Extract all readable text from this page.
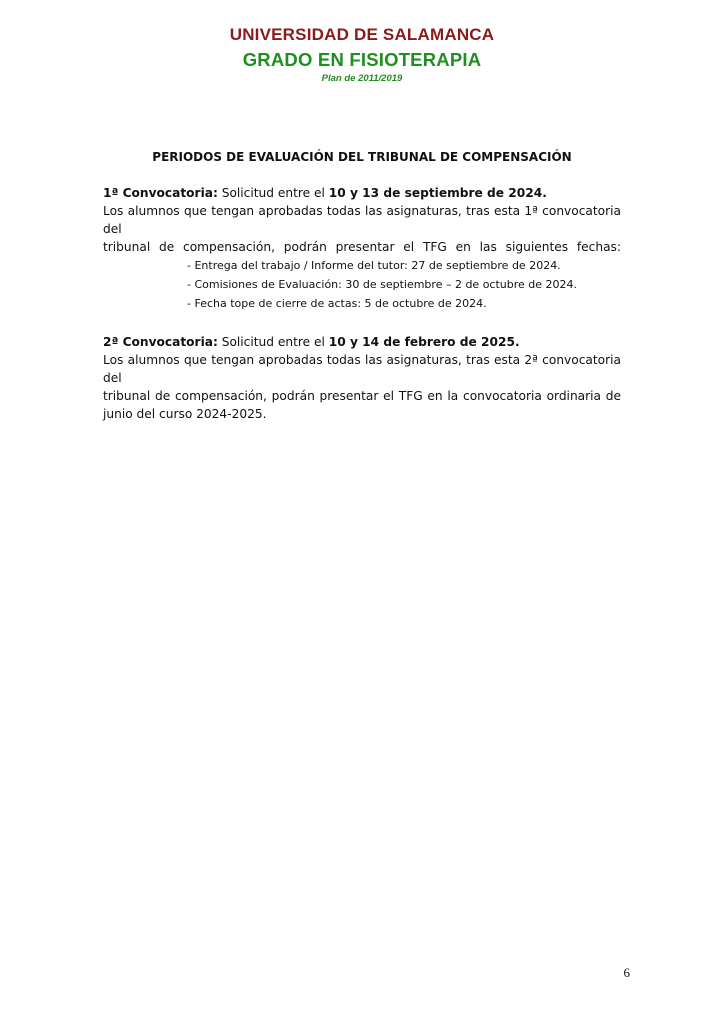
UNIVERSIDAD DE SALAMANCA
GRADO EN FISIOTERAPIA
Plan de 2011/2019
PERIODOS DE EVALUACIÓN DEL TRIBUNAL DE COMPENSACIÓN
1ª Convocatoria: Solicitud entre el 10 y 13 de septiembre de 2024.
Los alumnos que tengan aprobadas todas las asignaturas, tras esta 1ª convocatoria del
tribunal de compensación, podrán presentar el TFG en las siguientes fechas:
- Entrega del trabajo / Informe del tutor: 27 de septiembre de 2024.
- Comisiones de Evaluación: 30 de septiembre – 2 de octubre de 2024.
- Fecha tope de cierre de actas: 5 de octubre de 2024.
2ª Convocatoria: Solicitud entre el 10 y 14 de febrero de 2025.
Los alumnos que tengan aprobadas todas las asignaturas, tras esta 2ª convocatoria del
tribunal de compensación, podrán presentar el TFG en la convocatoria ordinaria de
junio del curso 2024-2025.
6
